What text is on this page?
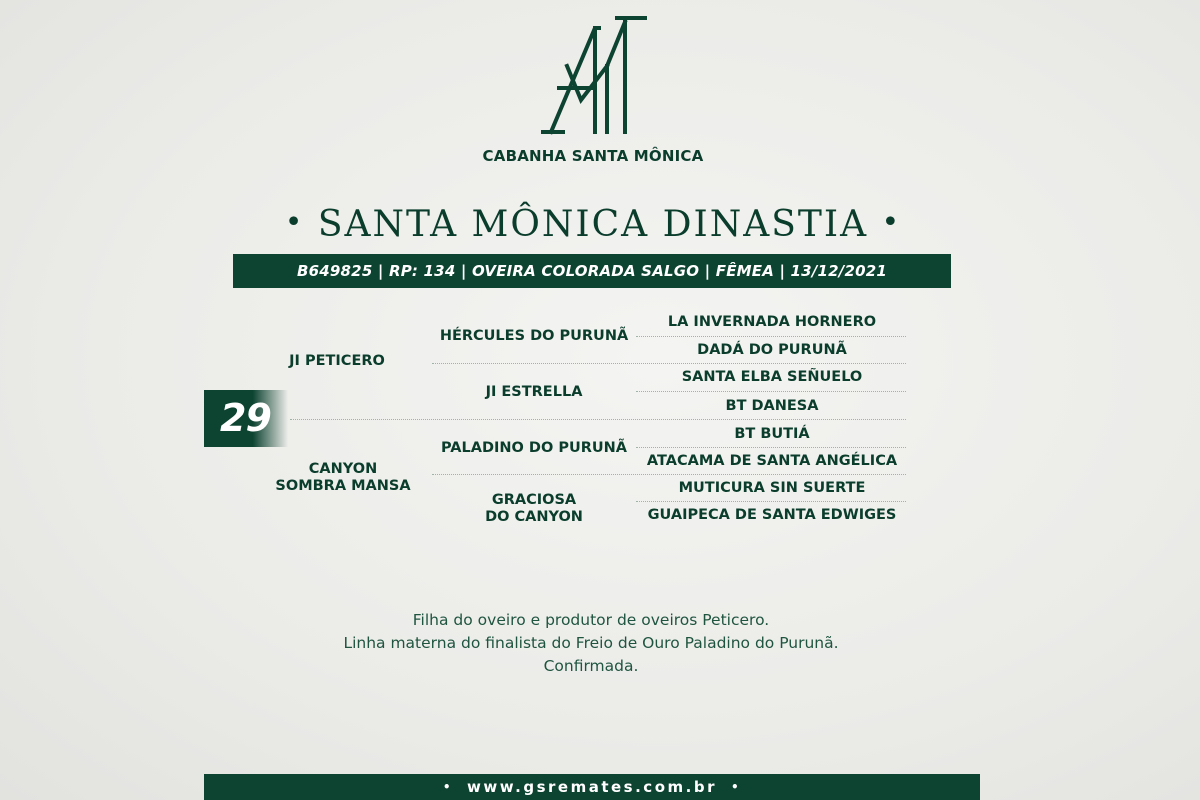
CABANHA SANTA MÔNICA
• SANTA MÔNICA DINASTIA •
B649825 | RP: 134 | OVEIRA COLORADA SALGO | FÊMEA | 13/12/2021
29
JI PETICERO
CANYON
SOMBRA MANSA
HÉRCULES DO PURUNÃ
JI ESTRELLA
PALADINO DO PURUNÃ
GRACIOSA
DO CANYON
LA INVERNADA HORNERO
DADÁ DO PURUNÃ
SANTA ELBA SEÑUELO
BT DANESA
BT BUTIÁ
ATACAMA DE SANTA ANGÉLICA
MUTICURA SIN SUERTE
GUAIPECA DE SANTA EDWIGES
Filha do oveiro e produtor de oveiros Peticero.
Linha materna do finalista do Freio de Ouro Paladino do Purunã.
Confirmada.
• www.gsremates.com.br •
